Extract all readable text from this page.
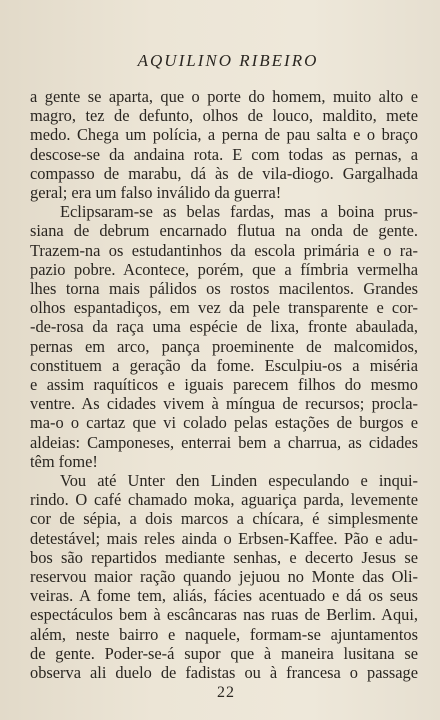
AQUILINO RIBEIRO
a gente se aparta, que o porte do homem, muito alto e
magro, tez de defunto, olhos de louco, maldito, mete
medo. Chega um polícia, a perna de pau salta e o braço
descose-se da andaina rota. E com todas as pernas, a
compasso de marabu, dá às de vila-diogo. Gargalhada
geral; era um falso inválido da guerra!
Eclipsaram-se as belas fardas, mas a boina prus-
siana de debrum encarnado flutua na onda de gente.
Trazem-na os estudantinhos da escola primária e o ra-
pazio pobre. Acontece, porém, que a fímbria vermelha
lhes torna mais pálidos os rostos macilentos. Grandes
olhos espantadiços, em vez da pele transparente e cor-
-de-rosa da raça uma espécie de lixa, fronte abaulada,
pernas em arco, pança proeminente de malcomidos,
constituem a geração da fome. Esculpiu-os a miséria
e assim raquíticos e iguais parecem filhos do mesmo
ventre. As cidades vivem à míngua de recursos; procla-
ma-o o cartaz que vi colado pelas estações de burgos e
aldeias: Camponeses, enterrai bem a charrua, as cidades
têm fome!
Vou até Unter den Linden especulando e inqui-
rindo. O café chamado moka, aguariça parda, levemente
cor de sépia, a dois marcos a chícara, é simplesmente
detestável; mais reles ainda o Erbsen-Kaffee. Pão e adu-
bos são repartidos mediante senhas, e decerto Jesus se
reservou maior ração quando jejuou no Monte das Oli-
veiras. A fome tem, aliás, fácies acentuado e dá os seus
espectáculos bem à escâncaras nas ruas de Berlim. Aqui,
além, neste bairro e naquele, formam-se ajuntamentos
de gente. Poder-se-á supor que à maneira lusitana se
observa ali duelo de fadistas ou à francesa o passage
22
